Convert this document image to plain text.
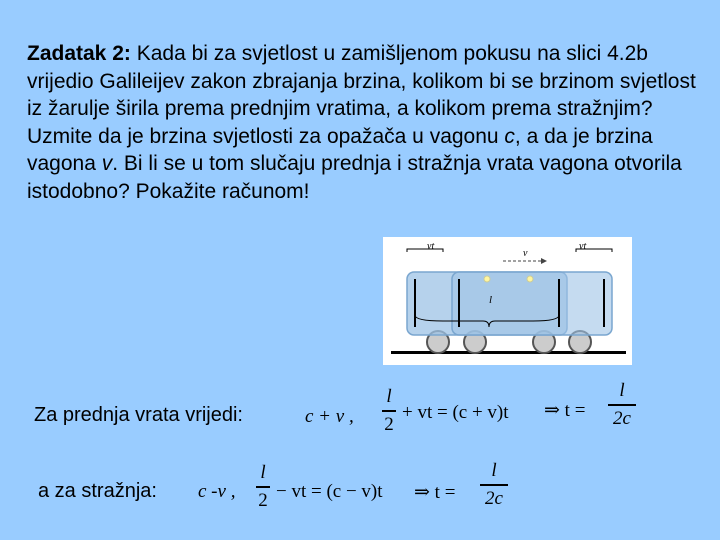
Zadatak 2: Kada bi za svjetlost u zamišljenom pokusu na slici 4.2b vrijedio Galileijev zakon zbrajanja brzina, kolikom bi se brzinom svjetlost iz žarulje širila prema prednjim vratima, a kolikom prema stražnjim? Uzmite da je brzina svjetlosti za opažača u vagonu c, a da je brzina vagona v. Bi li se u tom slučaju prednja i stražnja vrata vagona otvorila istodobno? Pokažite računom!
vt	vt
v
l
Za prednja vrata vrijedi:	c + v ,
l
2
+ vt = (c + v)t ⇒ t =
l
2c
a za stražnja: c -v ,
l
2 − vt = (c − v)t ⇒ t =
l
2c
